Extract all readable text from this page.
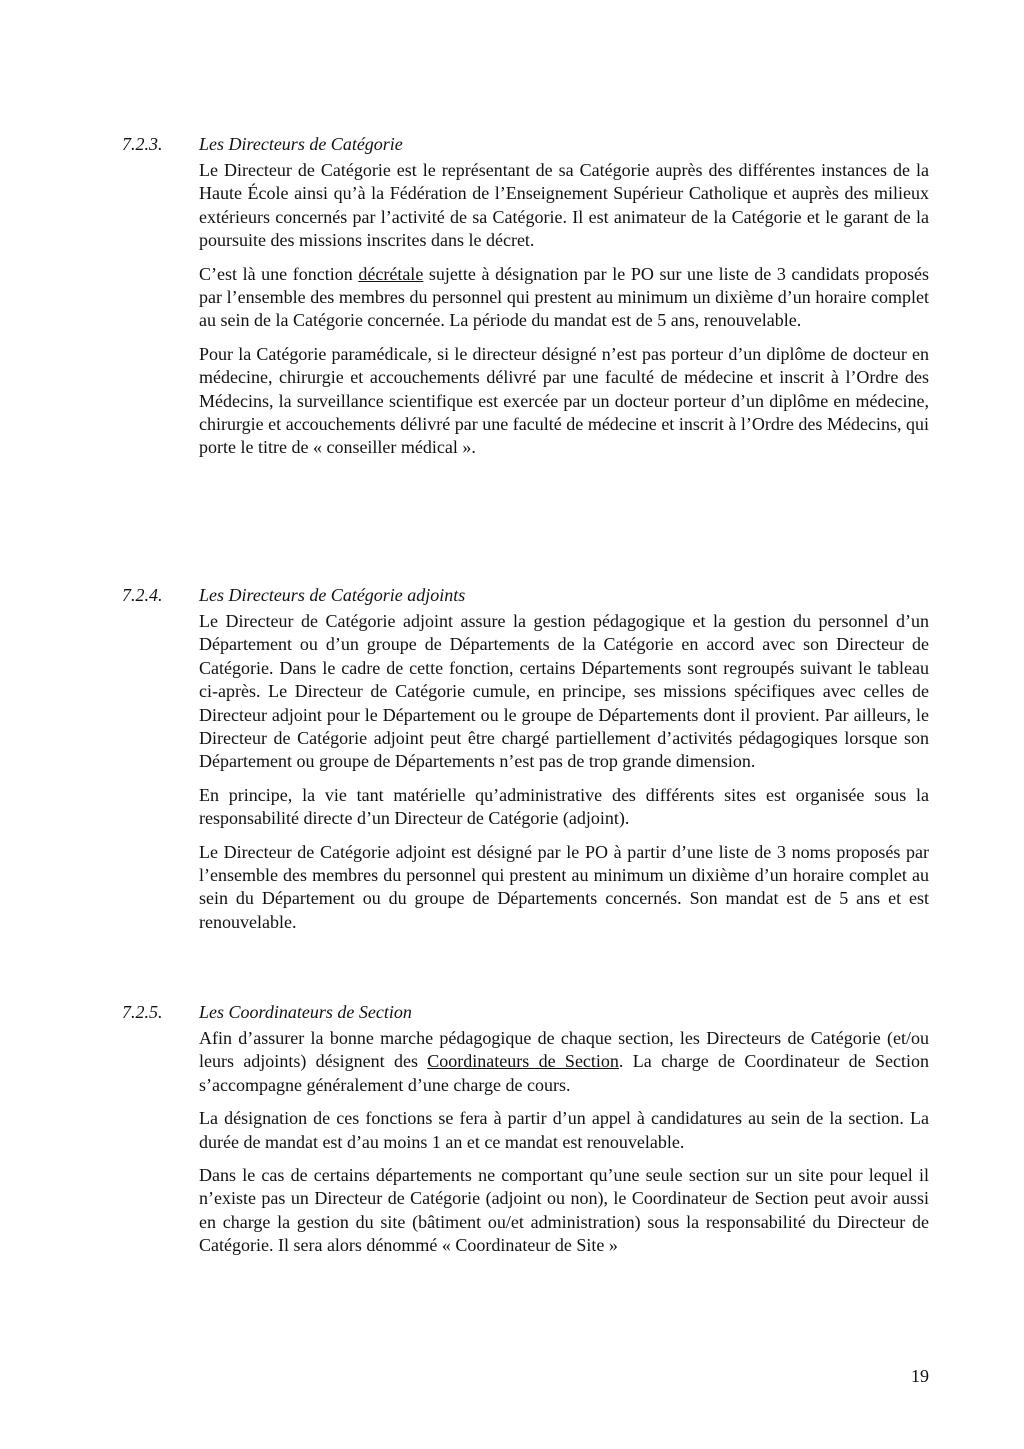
7.2.3. Les Directeurs de Catégorie

Le Directeur de Catégorie est le représentant de sa Catégorie auprès des différentes instances de la Haute École ainsi qu’à la Fédération de l’Enseignement Supérieur Catholique et auprès des milieux extérieurs concernés par l’activité de sa Catégorie. Il est animateur de la Catégorie et le garant de la poursuite des missions inscrites dans le décret.

C’est là une fonction décrétale sujette à désignation par le PO sur une liste de 3 candidats proposés par l’ensemble des membres du personnel qui prestent au minimum un dixième d’un horaire complet au sein de la Catégorie concernée. La période du mandat est de 5 ans, renouvelable.

Pour la Catégorie paramédicale, si le directeur désigné n’est pas porteur d’un diplôme de docteur en médecine, chirurgie et accouchements délivré par une faculté de médecine et inscrit à l’Ordre des Médecins, la surveillance scientifique est exercée par un docteur porteur d’un diplôme en médecine, chirurgie et accouchements délivré par une faculté de médecine et inscrit à l’Ordre des Médecins, qui porte le titre de « conseiller médical ».

7.2.4. Les Directeurs de Catégorie adjoints

Le Directeur de Catégorie adjoint assure la gestion pédagogique et la gestion du personnel d’un Département ou d’un groupe de Départements de la Catégorie en accord avec son Directeur de Catégorie. Dans le cadre de cette fonction, certains Départements sont regroupés suivant le tableau ci-après. Le Directeur de Catégorie cumule, en principe, ses missions spécifiques avec celles de Directeur adjoint pour le Département ou le groupe de Départements dont il provient. Par ailleurs, le Directeur de Catégorie adjoint peut être chargé partiellement d’activités pédagogiques lorsque son Département ou groupe de Départements n’est pas de trop grande dimension.

En principe, la vie tant matérielle qu’administrative des différents sites est organisée sous la responsabilité directe d’un Directeur de Catégorie (adjoint).

Le Directeur de Catégorie adjoint est désigné par le PO à partir d’une liste de 3 noms proposés par l’ensemble des membres du personnel qui prestent au minimum un dixième d’un horaire complet au sein du Département ou du groupe de Départements concernés. Son mandat est de 5 ans et est renouvelable.

7.2.5. Les Coordinateurs de Section

Afin d’assurer la bonne marche pédagogique de chaque section, les Directeurs de Catégorie (et/ou leurs adjoints) désignent des Coordinateurs de Section. La charge de Coordinateur de Section s’accompagne généralement d’une charge de cours.

La désignation de ces fonctions se fera à partir d’un appel à candidatures au sein de la section. La durée de mandat est d’au moins 1 an et ce mandat est renouvelable.

Dans le cas de certains départements ne comportant qu’une seule section sur un site pour lequel il n’existe pas un Directeur de Catégorie (adjoint ou non), le Coordinateur de Section peut avoir aussi en charge la gestion du site (bâtiment ou/et administration) sous la responsabilité du Directeur de Catégorie. Il sera alors dénommé « Coordinateur de Site »

19
